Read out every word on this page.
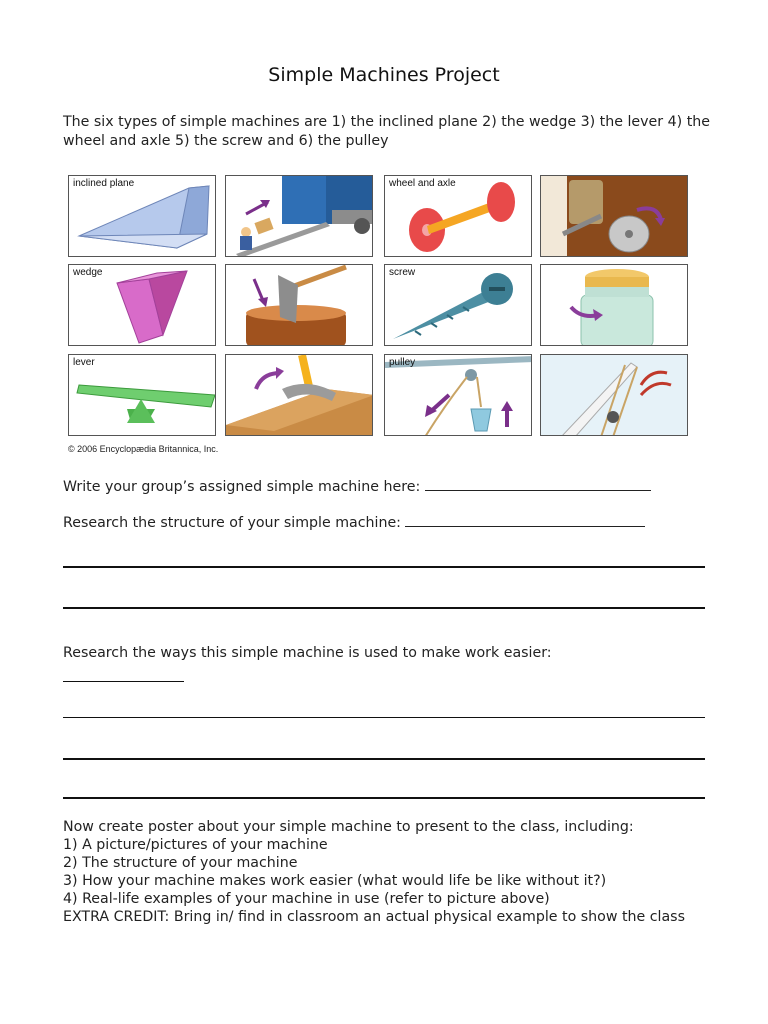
Simple Machines Project
The six types of simple machines are 1) the inclined plane 2) the wedge 3) the lever 4) the wheel and axle 5) the screw and 6) the pulley
inclined plane	wheel and axle
wedge	screw
lever	pulley
© 2006 Encyclopædia Britannica, Inc.
Write your group’s assigned simple machine here:
Research the structure of your simple machine:
Research the ways this simple machine is used to make work easier:
Now create poster about your simple machine to present to the class, including:
1) A picture/pictures of your machine
2) The structure of your machine
3) How your machine makes work easier (what would life be like without it?)
4) Real-life examples of your machine in use (refer to picture above)
EXTRA CREDIT: Bring in/ find in classroom an actual physical example to show the class
